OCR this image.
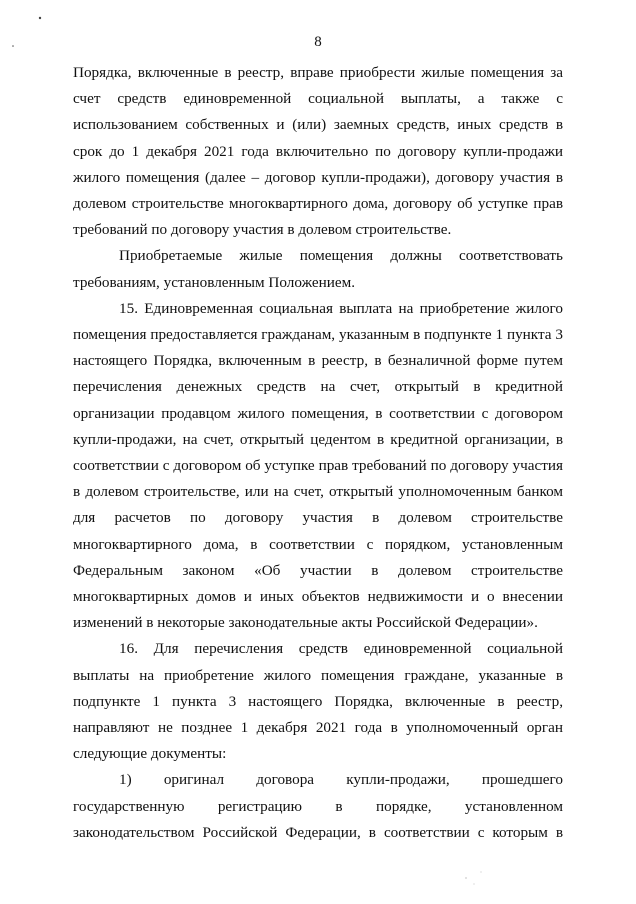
8

Порядка, включенные в реестр, вправе приобрести жилые помещения за
счет средств единовременной социальной выплаты, а также с
использованием собственных и (или) заемных средств, иных средств в
срок до 1 декабря 2021 года включительно по договору купли-продажи
жилого помещения (далее – договор купли-продажи), договору участия в
долевом строительстве многоквартирного дома, договору об уступке прав
требований по договору участия в долевом строительстве.

Приобретаемые жилые помещения должны соответствовать
требованиям, установленным Положением.

15. Единовременная социальная выплата на приобретение жилого
помещения предоставляется гражданам, указанным в подпункте 1 пункта 3
настоящего Порядка, включенным в реестр, в безналичной форме путем
перечисления денежных средств на счет, открытый в кредитной
организации продавцом жилого помещения, в соответствии с договором
купли-продажи, на счет, открытый цедентом в кредитной организации, в
соответствии с договором об уступке прав требований по договору участия
в долевом строительстве, или на счет, открытый уполномоченным банком
для расчетов по договору участия в долевом строительстве
многоквартирного дома, в соответствии с порядком, установленным
Федеральным законом «Об участии в долевом строительстве
многоквартирных домов и иных объектов недвижимости и о внесении
изменений в некоторые законодательные акты Российской Федерации».

16. Для перечисления средств единовременной социальной
выплаты на приобретение жилого помещения граждане, указанные в
подпункте 1 пункта 3 настоящего Порядка, включенные в реестр,
направляют не позднее 1 декабря 2021 года в уполномоченный орган
следующие документы:

1) оригинал договора купли-продажи, прошедшего
государственную регистрацию в порядке, установленном
законодательством Российской Федерации, в соответствии с которым в
